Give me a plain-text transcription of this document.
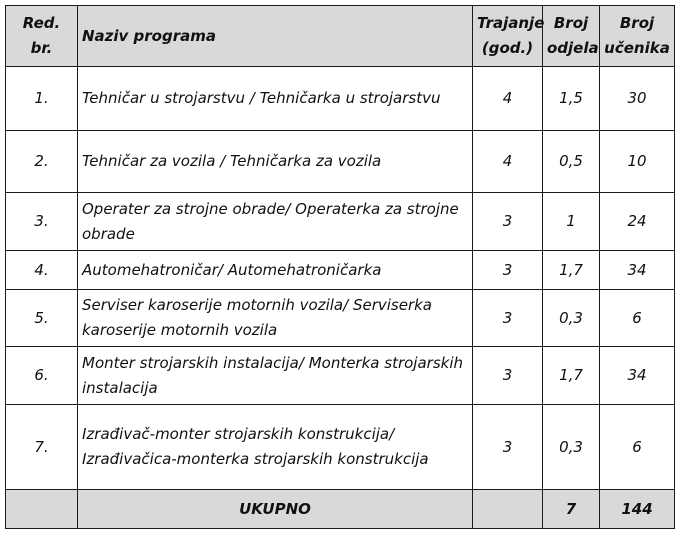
Red. br.	Naziv programa	Trajanje (god.)	Broj odjela	Broj učenika
1.	Tehničar u strojarstvu / Tehničarka u strojarstvu	4	1,5	30
2.	Tehničar za vozila / Tehničarka za vozila	4	0,5	10
3.	Operater za strojne obrade/ Operaterka za strojne obrade	3	1	24
4.	Automehatroničar/ Automehatroničarka	3	1,7	34
5.	Serviser karoserije motornih vozila/ Serviserka karoserije motornih vozila	3	0,3	6
6.	Monter strojarskih instalacija/ Monterka strojarskih instalacija	3	1,7	34
7.	Izrađivač-monter strojarskih konstrukcija/ Izrađivačica-monterka strojarskih konstrukcija	3	0,3	6
	UKUPNO		7	144
